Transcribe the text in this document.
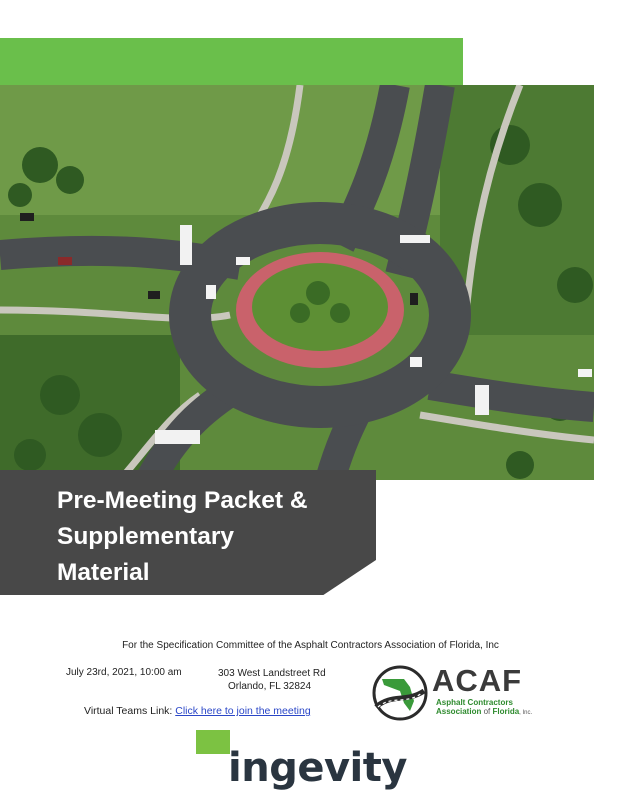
Pre-Meeting Packet &
Supplementary
Material
For the Specification Committee of the Asphalt Contractors Association of Florida, Inc
July 23rd, 2021, 10:00 am	303 West Landstreet Rd
Orlando, FL 32824
Virtual Teams Link: Click here to join the meeting
ACAF
Asphalt Contractors
Association of Florida, Inc.
ingevity
